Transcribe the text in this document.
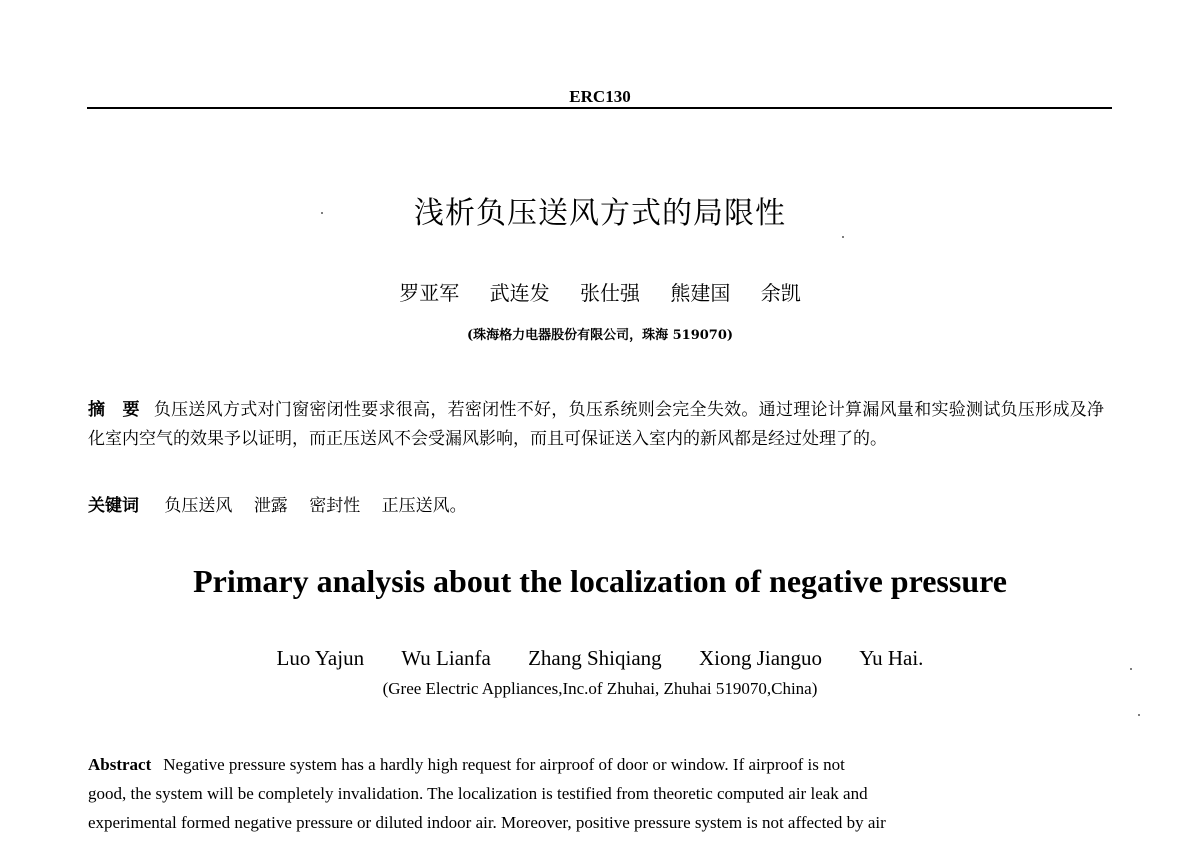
ERC130
浅析负压送风方式的局限性
罗亚军 武连发 张仕强 熊建国 余凯
(珠海格力电器股份有限公司，珠海 519070)
摘　要 负压送风方式对门窗密闭性要求很高，若密闭性不好，负压系统则会完全失效。通过理论计算漏风量和实验测试负压形成及净化室内空气的效果予以证明，而正压送风不会受漏风影响，而且可保证送入室内的新风都是经过处理了的。
关键词 负压送风 泄露 密封性 正压送风。
Primary analysis about the localization of negative pressure
Luo Yajun Wu Lianfa Zhang Shiqiang Xiong Jianguo Yu Hai.
(Gree Electric Appliances,Inc.of Zhuhai, Zhuhai 519070,China)
Abstract Negative pressure system has a hardly high request for airproof of door or window. If airproof is not
good, the system will be completely invalidation. The localization is testified from theoretic computed air leak and
experimental formed negative pressure or diluted indoor air. Moreover, positive pressure system is not affected by air
